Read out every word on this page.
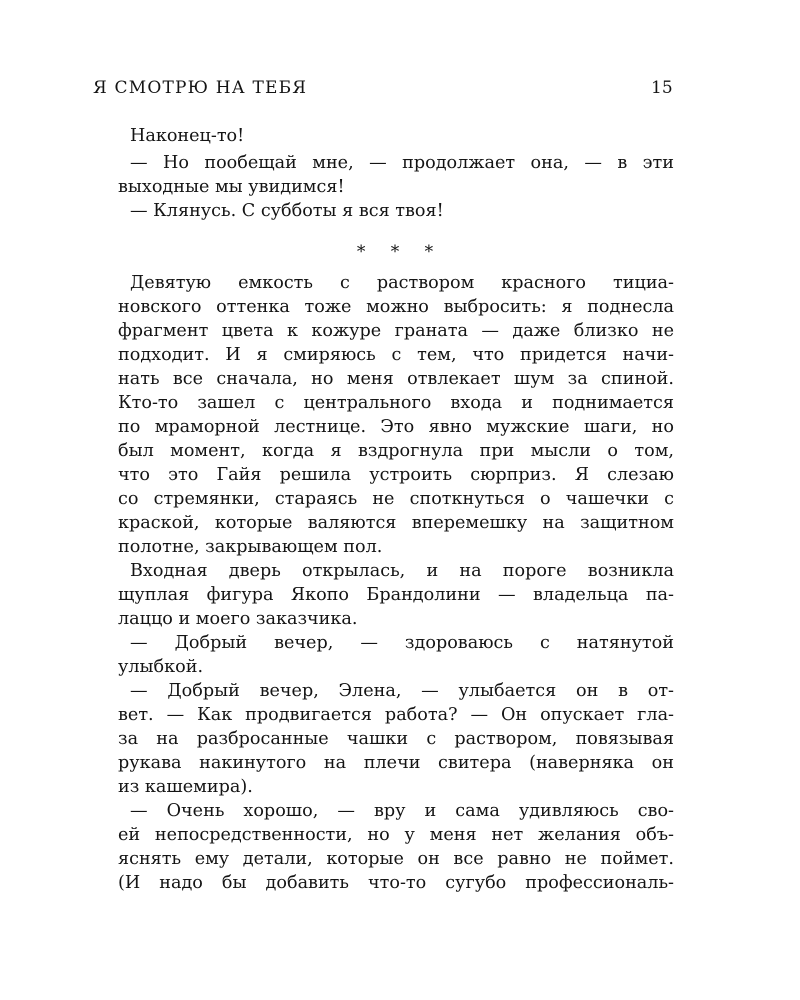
Я СМОТРЮ НА ТЕБЯ	15
Наконец-то!
— Но пообещай мне, — продолжает она, — в эти
выходные мы увидимся!
— Клянусь. С субботы я вся твоя!
* * *
Девятую емкость с раствором красного тициа-
новского оттенка тоже можно выбросить: я поднесла
фрагмент цвета к кожуре граната — даже близко не
подходит. И я смиряюсь с тем, что придется начи-
нать все сначала, но меня отвлекает шум за спиной.
Кто-то зашел с центрального входа и поднимается
по мраморной лестнице. Это явно мужские шаги, но
был момент, когда я вздрогнула при мысли о том,
что это Гайя решила устроить сюрприз. Я слезаю
со стремянки, стараясь не споткнуться о чашечки с
краской, которые валяются вперемешку на защитном
полотне, закрывающем пол.
Входная дверь открылась, и на пороге возникла
щуплая фигура Якопо Брандолини — владельца па-
лаццо и моего заказчика.
— Добрый вечер, — здороваюсь с натянутой
улыбкой.
— Добрый вечер, Элена, — улыбается он в от-
вет. — Как продвигается работа? — Он опускает гла-
за на разбросанные чашки с раствором, повязывая
рукава накинутого на плечи свитера (наверняка он
из кашемира).
— Очень хорошо, — вру и сама удивляюсь сво-
ей непосредственности, но у меня нет желания объ-
яснять ему детали, которые он все равно не поймет.
(И надо бы добавить что-то сугубо профессиональ-
